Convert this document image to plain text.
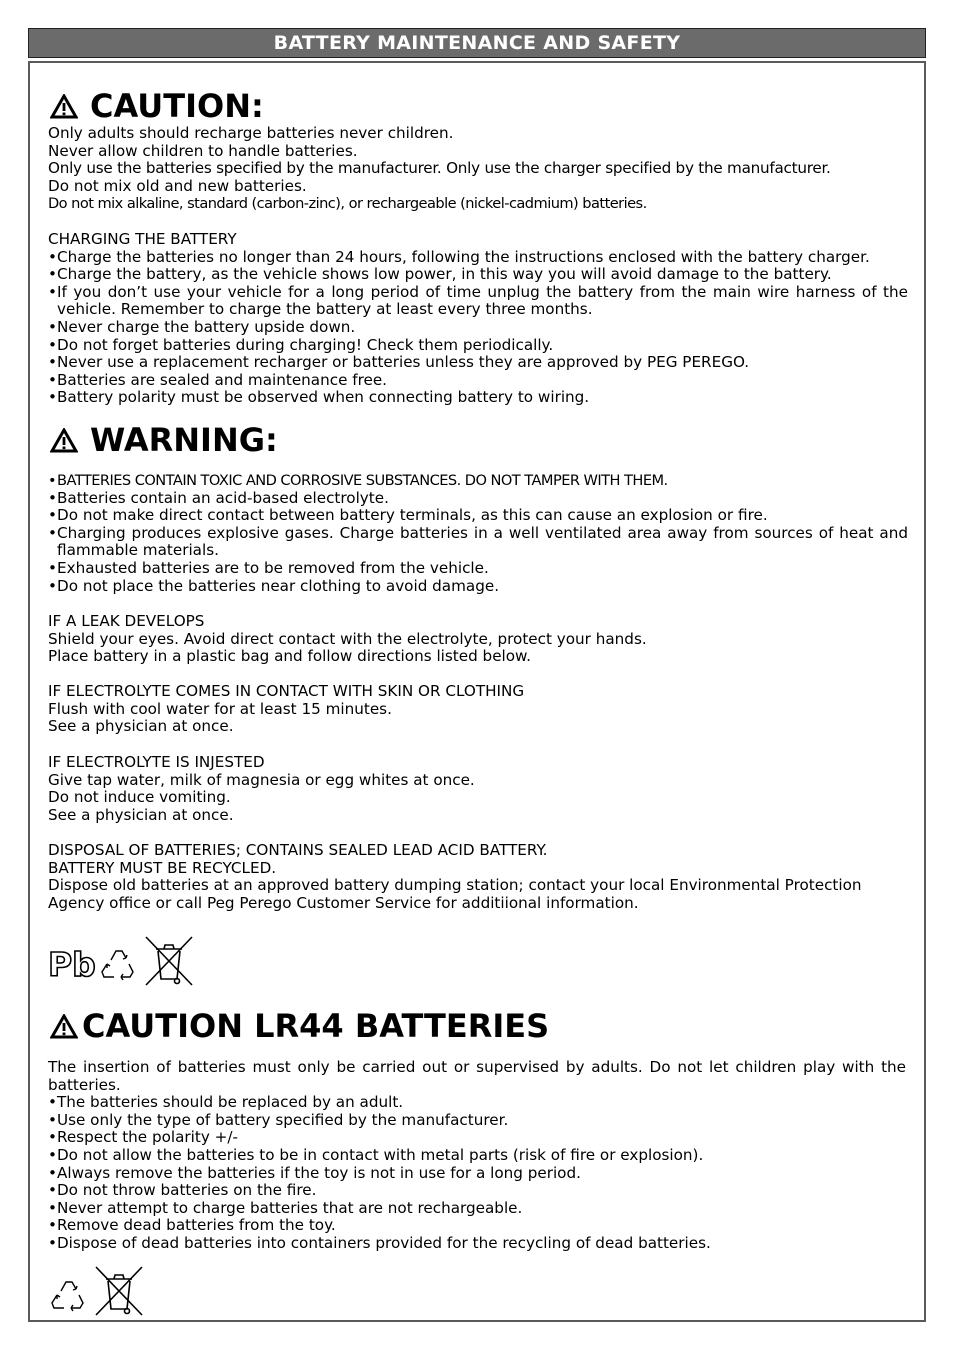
BATTERY MAINTENANCE AND SAFETY
CAUTION:
Only adults should recharge batteries never children.
Never allow children to handle batteries.
Only use the batteries specified by the manufacturer. Only use the charger specified by the manufacturer.
Do not mix old and new batteries.
Do not mix alkaline, standard (carbon-zinc), or rechargeable (nickel-cadmium) batteries.
CHARGING THE BATTERY
• Charge the batteries no longer than 24 hours, following the instructions enclosed with the battery charger.
• Charge the battery, as the vehicle shows low power, in this way you will avoid damage to the battery.
• If you don’t use your vehicle for a long period of time unplug the battery from the main wire harness of the vehicle. Remember to charge the battery at least every three months.
• Never charge the battery upside down.
• Do not forget batteries during charging! Check them periodically.
• Never use a replacement recharger or batteries unless they are approved by PEG PEREGO.
• Batteries are sealed and maintenance free.
• Battery polarity must be observed when connecting battery to wiring.
WARNING:
• BATTERIES CONTAIN TOXIC AND CORROSIVE SUBSTANCES. DO NOT TAMPER WITH THEM.
• Batteries contain an acid-based electrolyte.
• Do not make direct contact between battery terminals, as this can cause an explosion or fire.
• Charging produces explosive gases. Charge batteries in a well ventilated area away from sources of heat and flammable materials.
• Exhausted batteries are to be removed from the vehicle.
• Do not place the batteries near clothing to avoid damage.
IF A LEAK DEVELOPS
Shield your eyes. Avoid direct contact with the electrolyte, protect your hands.
Place battery in a plastic bag and follow directions listed below.
IF ELECTROLYTE COMES IN CONTACT WITH SKIN OR CLOTHING
Flush with cool water for at least 15 minutes.
See a physician at once.
IF ELECTROLYTE IS INJESTED
Give tap water, milk of magnesia or egg whites at once.
Do not induce vomiting.
See a physician at once.
DISPOSAL OF BATTERIES; CONTAINS SEALED LEAD ACID BATTERY.
BATTERY MUST BE RECYCLED.
Dispose old batteries at an approved battery dumping station; contact your local Environmental Protection Agency office or call Peg Perego Customer Service for additiional information.
Pb
CAUTION LR44 BATTERIES
The insertion of batteries must only be carried out or supervised by adults. Do not let children play with the batteries.
•The batteries should be replaced by an adult.
•Use only the type of battery specified by the manufacturer.
•Respect the polarity +/-
•Do not allow the batteries to be in contact with metal parts (risk of fire or explosion).
•Always remove the batteries if the toy is not in use for a long period.
•Do not throw batteries on the fire.
•Never attempt to charge batteries that are not rechargeable.
•Remove dead batteries from the toy.
•Dispose of dead batteries into containers provided for the recycling of dead batteries.
